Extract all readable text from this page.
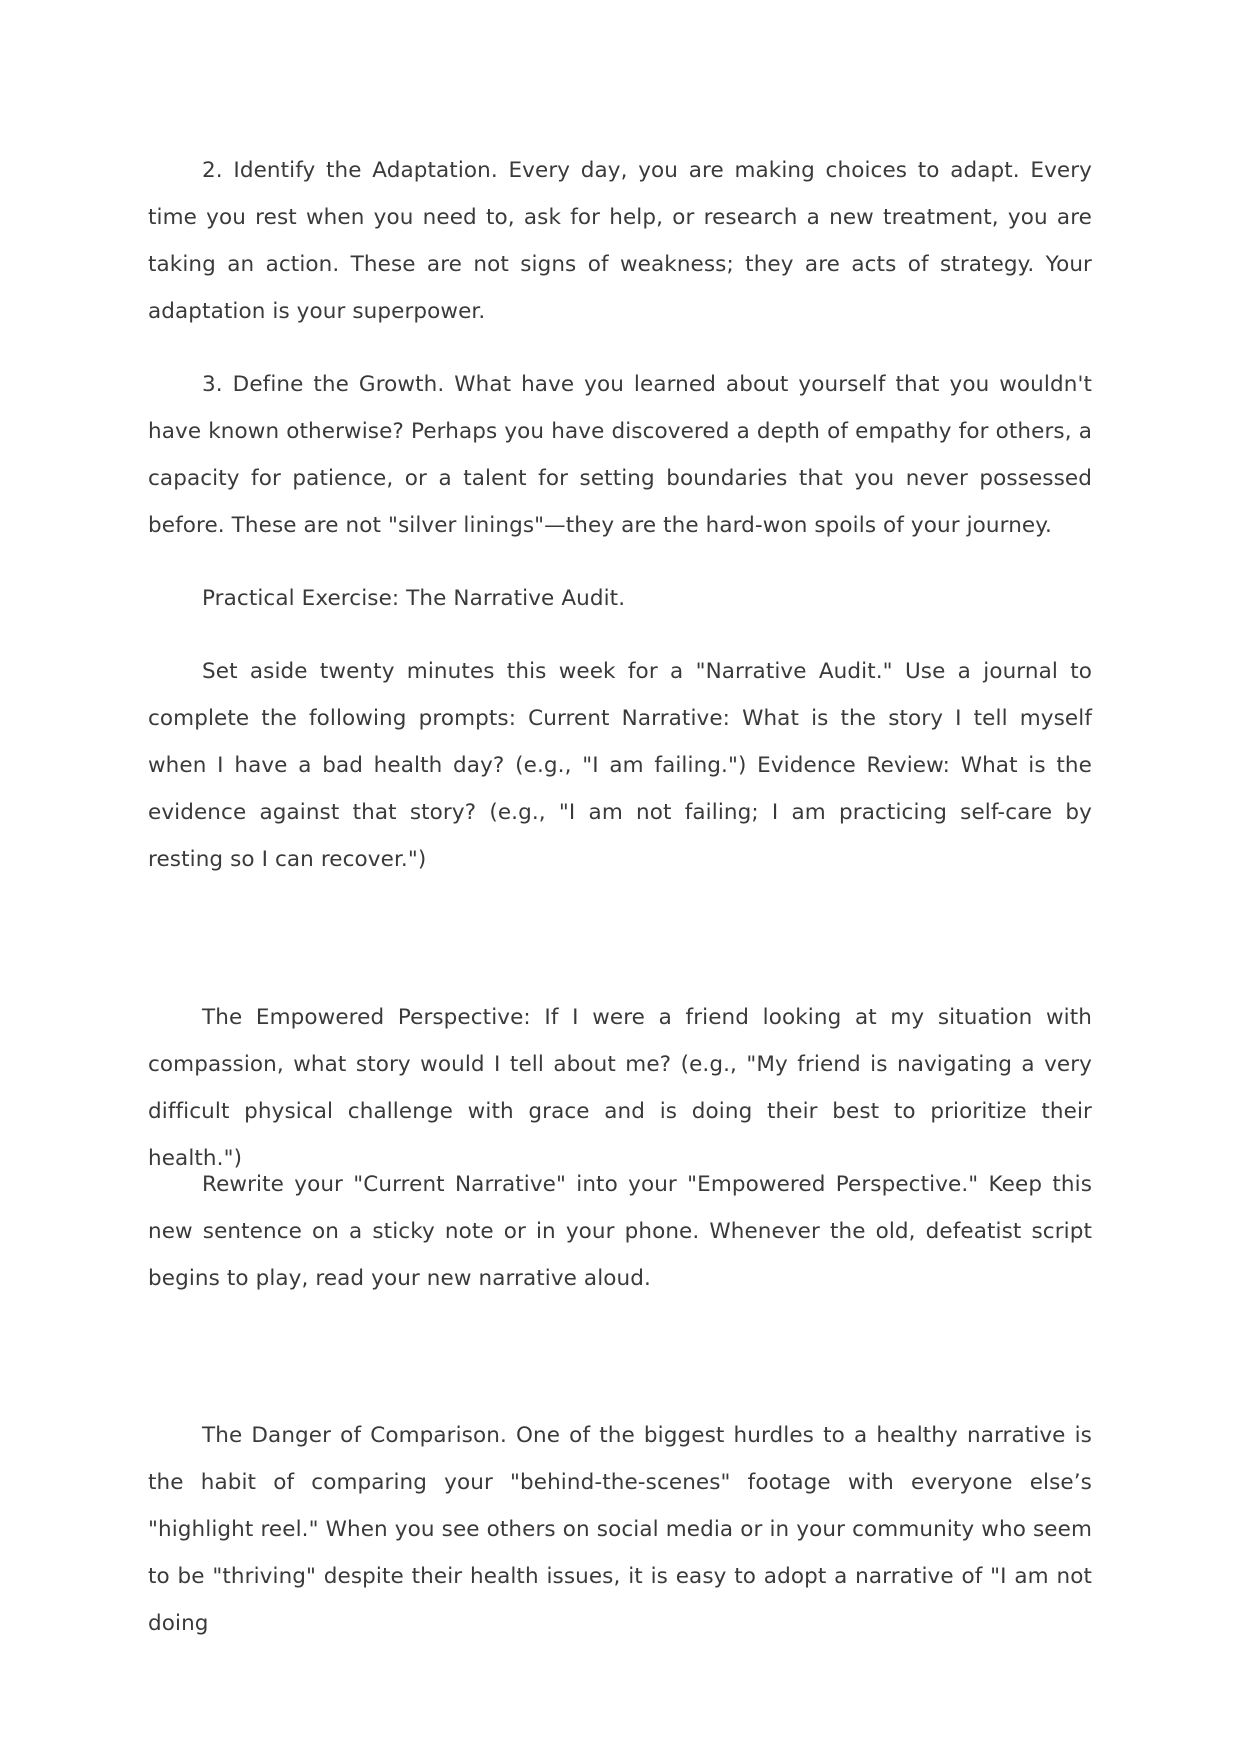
2. Identify the Adaptation. Every day, you are making choices to adapt. Every time you rest when you need to, ask for help, or research a new treatment, you are taking an action. These are not signs of weakness; they are acts of strategy. Your adaptation is your superpower.

3. Define the Growth. What have you learned about yourself that you wouldn't have known otherwise? Perhaps you have discovered a depth of empathy for others, a capacity for patience, or a talent for setting boundaries that you never possessed before. These are not "silver linings"—they are the hard-won spoils of your journey.

Practical Exercise: The Narrative Audit.

Set aside twenty minutes this week for a "Narrative Audit." Use a journal to complete the following prompts: Current Narrative: What is the story I tell myself when I have a bad health day? (e.g., "I am failing.") Evidence Review: What is the evidence against that story? (e.g., "I am not failing; I am practicing self-care by resting so I can recover.")

The Empowered Perspective: If I were a friend looking at my situation with compassion, what story would I tell about me? (e.g., "My friend is navigating a very difficult physical challenge with grace and is doing their best to prioritize their health.")

Rewrite your "Current Narrative" into your "Empowered Perspective." Keep this new sentence on a sticky note or in your phone. Whenever the old, defeatist script begins to play, read your new narrative aloud.

The Danger of Comparison. One of the biggest hurdles to a healthy narrative is the habit of comparing your "behind-the-scenes" footage with everyone else’s "highlight reel." When you see others on social media or in your community who seem to be "thriving" despite their health issues, it is easy to adopt a narrative of "I am not doing
